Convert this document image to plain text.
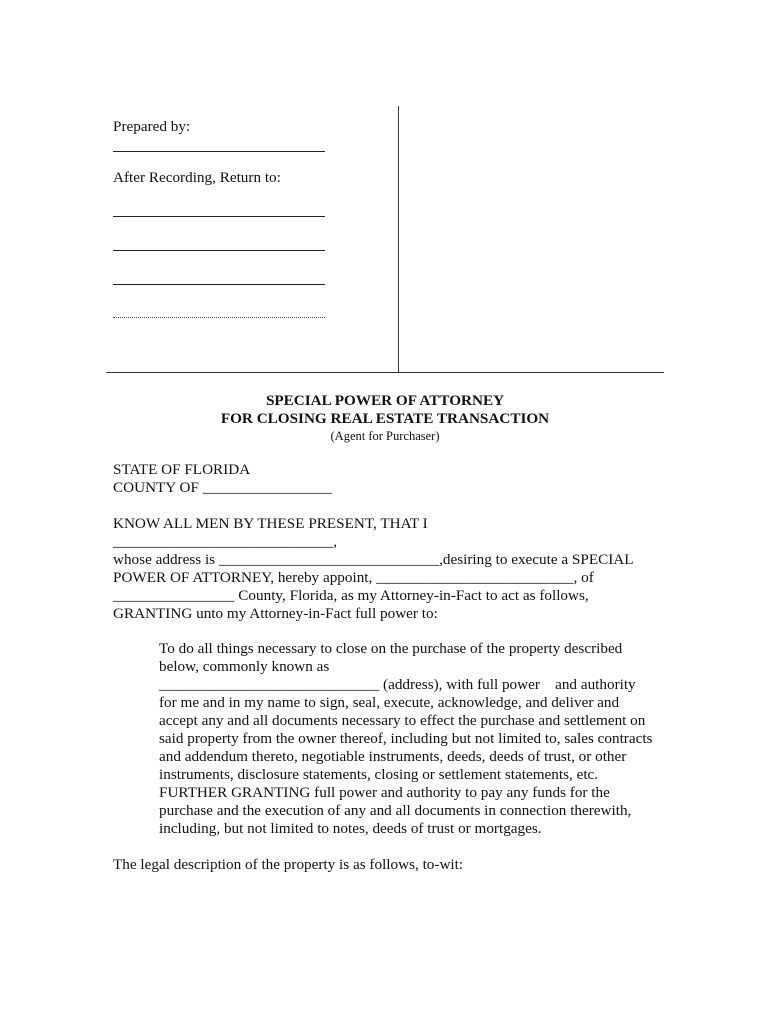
Prepared by:
After Recording, Return to:
SPECIAL POWER OF ATTORNEY
FOR CLOSING REAL ESTATE TRANSACTION
(Agent for Purchaser)
STATE OF FLORIDA
COUNTY OF _________________
KNOW ALL MEN BY THESE PRESENT, THAT I
_____________________________,
whose address is _____________________________,desiring to execute a SPECIAL
POWER OF ATTORNEY, hereby appoint, __________________________, of
________________ County, Florida, as my Attorney-in-Fact to act as follows,
GRANTING unto my Attorney-in-Fact full power to:
To do all things necessary to close on the purchase of the property described
below, commonly known as
_____________________________ (address), with full power    and authority
for me and in my name to sign, seal, execute, acknowledge, and deliver and
accept any and all documents necessary to effect the purchase and settlement on
said property from the owner thereof, including but not limited to, sales contracts
and addendum thereto, negotiable instruments, deeds, deeds of trust, or other
instruments, disclosure statements, closing or settlement statements, etc.
FURTHER GRANTING full power and authority to pay any funds for the
purchase and the execution of any and all documents in connection therewith,
including, but not limited to notes, deeds of trust or mortgages.
The legal description of the property is as follows, to-wit:
